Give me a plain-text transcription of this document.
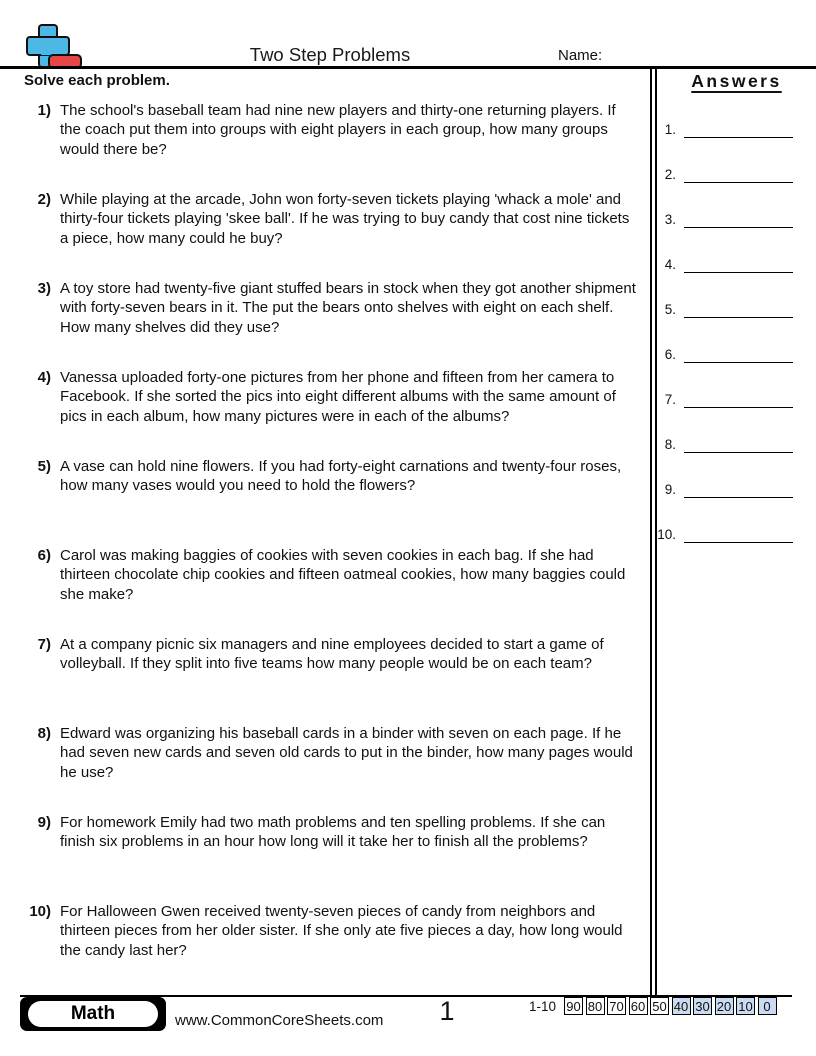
Two Step Problems	Name:
Solve each problem.
1) The school's baseball team had nine new players and thirty-one returning players. If the coach put them into groups with eight players in each group, how many groups would there be?
2) While playing at the arcade, John won forty-seven tickets playing 'whack a mole' and thirty-four tickets playing 'skee ball'. If he was trying to buy candy that cost nine tickets a piece, how many could he buy?
3) A toy store had twenty-five giant stuffed bears in stock when they got another shipment with forty-seven bears in it. The put the bears onto shelves with eight on each shelf. How many shelves did they use?
4) Vanessa uploaded forty-one pictures from her phone and fifteen from her camera to Facebook. If she sorted the pics into eight different albums with the same amount of pics in each album, how many pictures were in each of the albums?
5) A vase can hold nine flowers. If you had forty-eight carnations and twenty-four roses, how many vases would you need to hold the flowers?
6) Carol was making baggies of cookies with seven cookies in each bag. If she had thirteen chocolate chip cookies and fifteen oatmeal cookies, how many baggies could she make?
7) At a company picnic six managers and nine employees decided to start a game of volleyball. If they split into five teams how many people would be on each team?
8) Edward was organizing his baseball cards in a binder with seven on each page. If he had seven new cards and seven old cards to put in the binder, how many pages would he use?
9) For homework Emily had two math problems and ten spelling problems. If she can finish six problems in an hour how long will it take her to finish all the problems?
10) For Halloween Gwen received twenty-seven pieces of candy from neighbors and thirteen pieces from her older sister. If she only ate five pieces a day, how long would the candy last her?
Answers
1.
2.
3.
4.
5.
6.
7.
8.
9.
10.
Math	www.CommonCoreSheets.com	1	1-10 90 80 70 60 50 40 30 20 10 0
